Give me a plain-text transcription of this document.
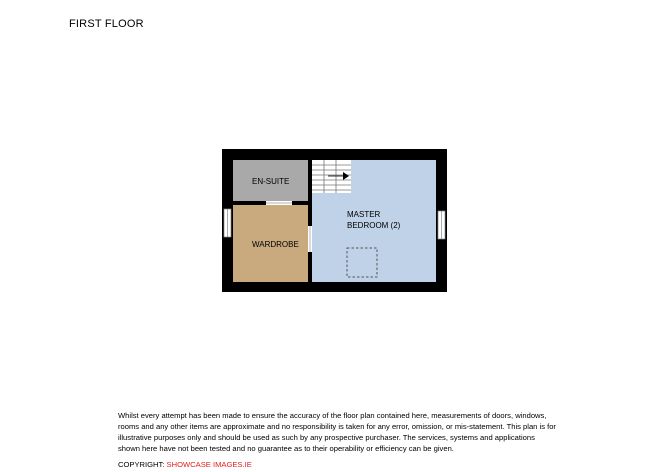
FIRST FLOOR
EN-SUITE
WARDROBE
MASTER
BEDROOM (2)

Whilst every attempt has been made to ensure the accuracy of the floor plan contained here, measurements of doors, windows, rooms and any other items are approximate and no responsibility is taken for any error, omission, or mis-statement. This plan is for illustrative purposes only and should be used as such by any prospective purchaser. The services, systems and applications shown here have not been tested and no guarantee as to their operability or efficiency can be given.

COPYRIGHT: SHOWCASE IMAGES.IE
